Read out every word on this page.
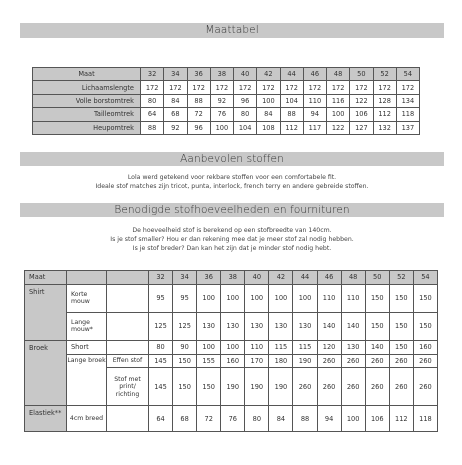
Maattabel
Maat	32	34	36	38	40	42	44	46	48	50	52	54
Lichaamslengte	172	172	172	172	172	172	172	172	172	172	172	172
Volle borstomtrek	80	84	88	92	96	100	104	110	116	122	128	134
Tailleomtrek	64	68	72	76	80	84	88	94	100	106	112	118
Heupomtrek	88	92	96	100	104	108	112	117	122	127	132	137
Aanbevolen stoffen
Lola werd getekend voor rekbare stoffen voor een comfortabele fit.
Ideale stof matches zijn tricot, punta, interlock, french terry en andere gebreide stoffen.
Benodigde stofhoeveelheden en fournituren
De hoeveelheid stof is berekend op een stofbreedte van 140cm.
Is je stof smaller? Hou er dan rekening mee dat je meer stof zal nodig hebben.
Is je stof breder? Dan kan het zijn dat je minder stof nodig hebt.
Maat			32	34	36	38	40	42	44	46	48	50	52	54
Shirt	Korte mouw		95	95	100	100	100	100	100	110	110	150	150	150
	Lange mouw*		125	125	130	130	130	130	130	140	140	150	150	150
Broek	Short		80	90	100	100	110	115	115	120	130	140	150	160
	Lange broek	Effen stof	145	150	155	160	170	180	190	260	260	260	260	260
		Stof met print/ richting	145	150	150	190	190	190	260	260	260	260	260	260
Elastiek**	4cm breed		64	68	72	76	80	84	88	94	100	106	112	118
